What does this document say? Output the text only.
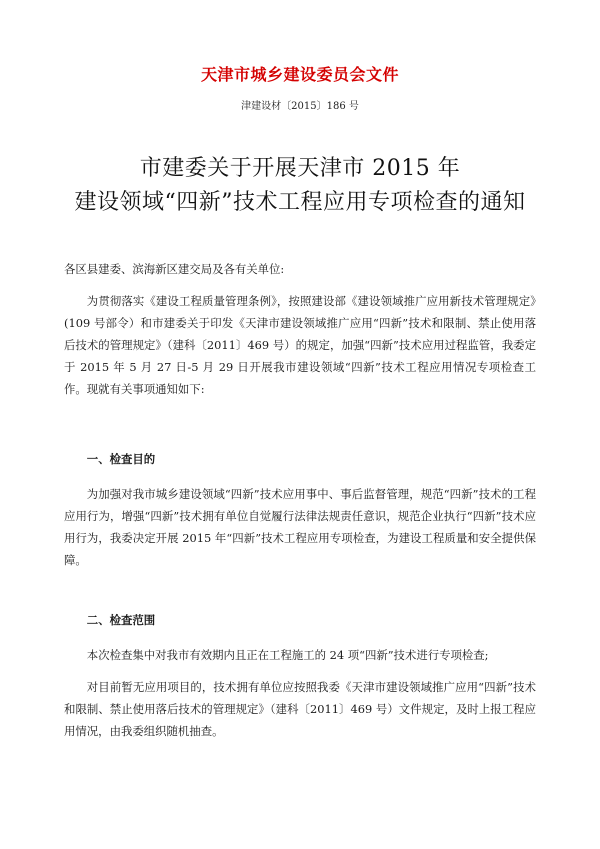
天津市城乡建设委员会文件
津建设材〔2015〕186 号
市建委关于开展天津市 2015 年
建设领域“四新”技术工程应用专项检查的通知
各区县建委、滨海新区建交局及各有关单位:
为贯彻落实《建设工程质量管理条例》，按照建设部《建设领域推广应用新技术管理规定》(109 号部令）和市建委关于印发《天津市建设领域推广应用“四新”技术和限制、禁止使用落后技术的管理规定》（建科〔2011〕469 号）的规定，加强“四新”技术应用过程监管，我委定于 2015 年 5 月 27 日-5 月 29 日开展我市建设领域“四新”技术工程应用情况专项检查工作。现就有关事项通知如下:
一、检查目的
为加强对我市城乡建设领域“四新”技术应用事中、事后监督管理，规范“四新”技术的工程应用行为，增强“四新”技术拥有单位自觉履行法律法规责任意识，规范企业执行“四新”技术应用行为，我委决定开展 2015 年“四新”技术工程应用专项检查，为建设工程质量和安全提供保障。
二、检查范围
本次检查集中对我市有效期内且正在工程施工的 24 项“四新”技术进行专项检查;
对目前暂无应用项目的，技术拥有单位应按照我委《天津市建设领域推广应用“四新”技术和限制、禁止使用落后技术的管理规定》（建科〔2011〕469 号）文件规定，及时上报工程应用情况，由我委组织随机抽查。
